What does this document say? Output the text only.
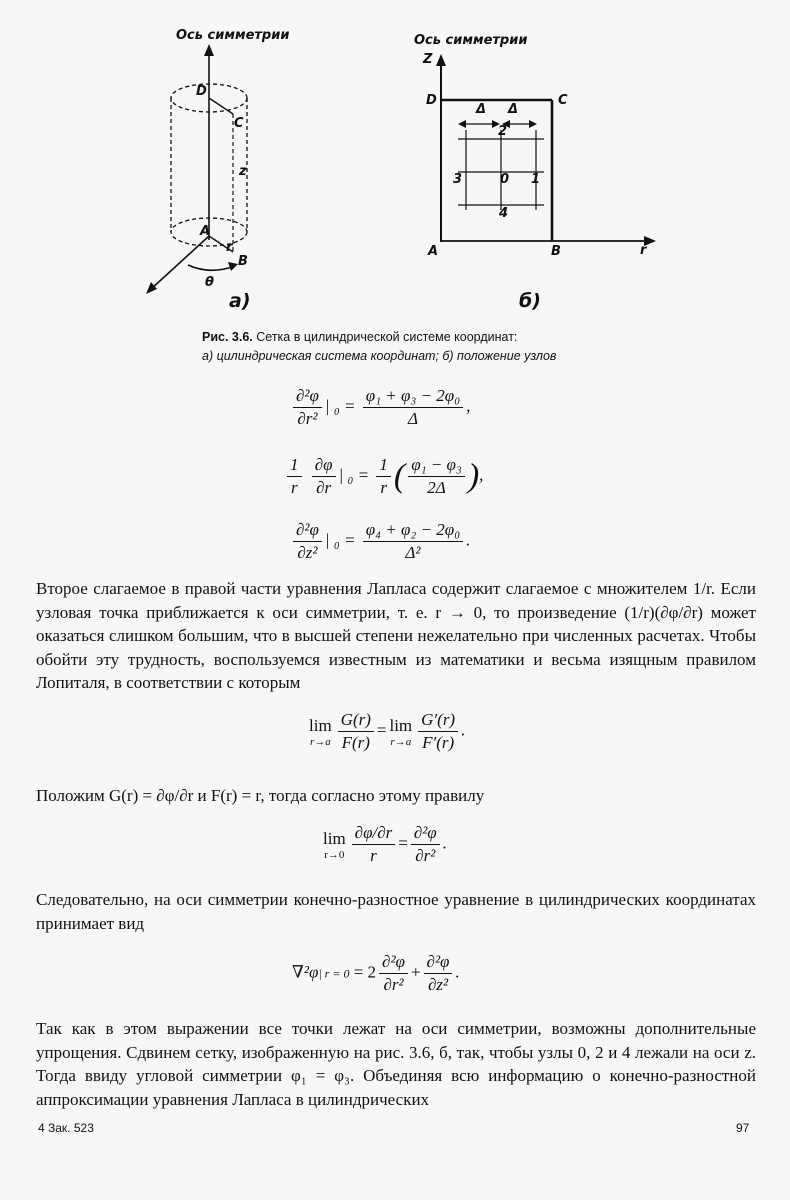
Ось симметрии
D
C
z
A
r
B
θ
а)
Ось симметрии
Z
D	C
Δ Δ
2
3	0 1
4
A	B	r
б)
Рис. 3.6. Сетка в цилиндрической системе координат:
а) цилиндрическая система координат; б) положение узлов
$\frac{\text{∂²φ}}{\text{∂r²}}$ | $_0 = \frac{\text{φ₁ + φ₃ − 2φ₀}}{\Delta}$ ,
$\frac{1}{r}$
$\frac{\partial\varphi}{\partial r}$ | $_0 = \frac{1}{r}$ ( $\frac{\text{φ₁ − φ₃}}{2\Delta}$ ),
$\frac{\text{∂²φ}}{\text{∂z²}}$ | $_0 = \frac{\text{φ₄ + φ₂ − 2φ₀}}{\text{Δ²}}$ .
Второе слагаемое в правой части уравнения Лапласа содержит слагаемое с множителем 1/r. Если узловая точка приближается к оси симметрии, т. е. r → 0, то произведение (1/r)(∂φ/∂r) может оказаться слишком большим, что в высшей степени нежелательно при численных расчетах. Чтобы обойти эту трудность, воспользуемся известным из математики и весьма изящным правилом Лопиталя, в соответствии с которым
lim
$r\to a \frac{G(r)}{F(r)} = \lim$
$r\to a \frac{G'(r)}{F'(r)}$ .
Положим G(r) = ∂φ/∂r и F(r) = r, тогда согласно этому правилу
lim
$r\to 0 \frac{\partial\varphi/\partial r}{r} = \frac{\text{∂²φ}}{\text{∂r²}}$ .
Следовательно, на оси симметрии конечно-разностное уравнение в цилиндрических координатах принимает вид
∇²φ| $r = 0 = 2 \frac{\text{∂²φ}}{\text{∂r²}} + \frac{\text{∂²φ}}{\text{∂z²}}$ .
Так как в этом выражении все точки лежат на оси симметрии, возможны дополнительные упрощения. Сдвинем сетку, изображенную на рис. 3.6, б, так, чтобы узлы 0, 2 и 4 лежали на оси z. Тогда ввиду угловой симметрии φ₁ = φ₃. Объединяя всю информацию о конечно-разностной аппроксимации уравнения Лапласа в цилиндрических
4 Зак. 523	97
